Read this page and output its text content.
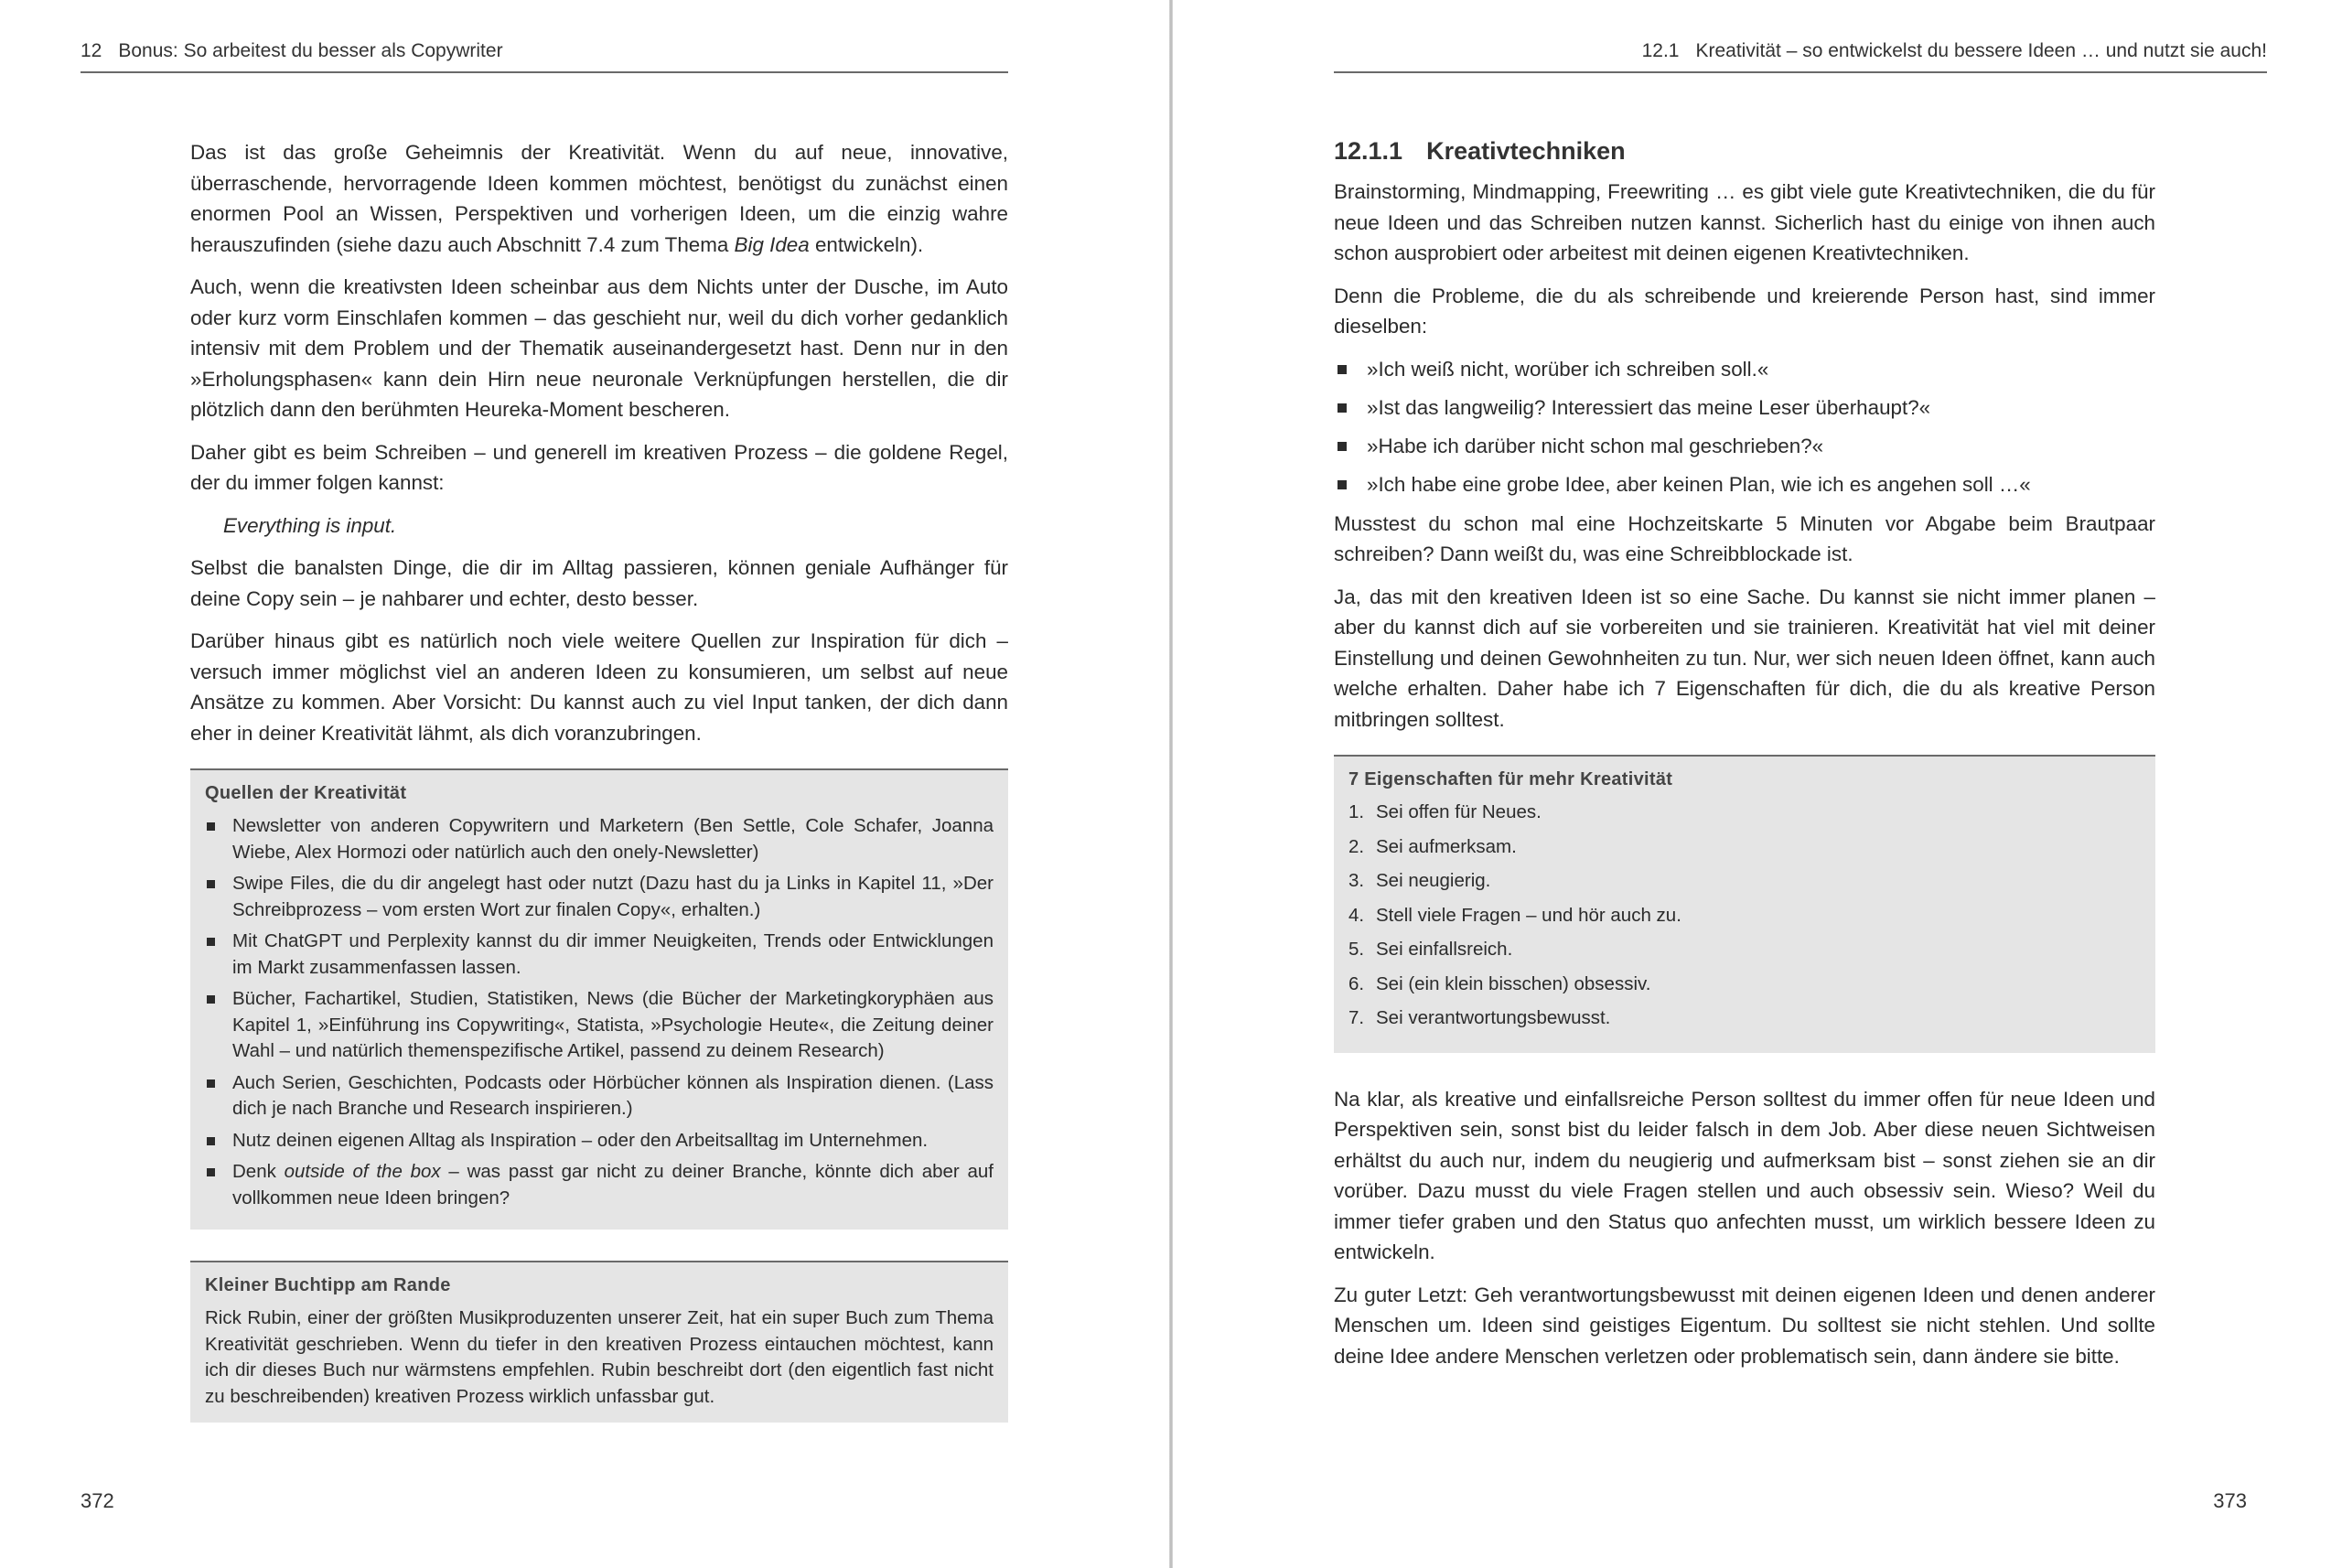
12 Bonus: So arbeitest du besser als Copywriter

Das ist das große Geheimnis der Kreativität. Wenn du auf neue, innovative, überraschende, hervorragende Ideen kommen möchtest, benötigst du zunächst einen enormen Pool an Wissen, Perspektiven und vorherigen Ideen, um die einzig wahre herauszufinden (siehe dazu auch Abschnitt 7.4 zum Thema Big Idea entwickeln).

Auch, wenn die kreativsten Ideen scheinbar aus dem Nichts unter der Dusche, im Auto oder kurz vorm Einschlafen kommen – das geschieht nur, weil du dich vorher gedanklich intensiv mit dem Problem und der Thematik auseinandergesetzt hast. Denn nur in den »Erholungsphasen« kann dein Hirn neue neuronale Verknüpfungen herstellen, die dir plötzlich dann den berühmten Heureka-Moment bescheren.

Daher gibt es beim Schreiben – und generell im kreativen Prozess – die goldene Regel, der du immer folgen kannst:

Everything is input.

Selbst die banalsten Dinge, die dir im Alltag passieren, können geniale Aufhänger für deine Copy sein – je nahbarer und echter, desto besser.

Darüber hinaus gibt es natürlich noch viele weitere Quellen zur Inspiration für dich – versuch immer möglichst viel an anderen Ideen zu konsumieren, um selbst auf neue Ansätze zu kommen. Aber Vorsicht: Du kannst auch zu viel Input tanken, der dich dann eher in deiner Kreativität lähmt, als dich voranzubringen.

Quellen der Kreativität
Newsletter von anderen Copywritern und Marketern (Ben Settle, Cole Schafer, Joanna Wiebe, Alex Hormozi oder natürlich auch den onely-Newsletter)
Swipe Files, die du dir angelegt hast oder nutzt (Dazu hast du ja Links in Kapitel 11, »Der Schreibprozess – vom ersten Wort zur finalen Copy«, erhalten.)
Mit ChatGPT und Perplexity kannst du dir immer Neuigkeiten, Trends oder Entwicklungen im Markt zusammenfassen lassen.
Bücher, Fachartikel, Studien, Statistiken, News (die Bücher der Marketingkoryphäen aus Kapitel 1, »Einführung ins Copywriting«, Statista, »Psychologie Heute«, die Zeitung deiner Wahl – und natürlich themenspezifische Artikel, passend zu deinem Research)
Auch Serien, Geschichten, Podcasts oder Hörbücher können als Inspiration dienen. (Lass dich je nach Branche und Research inspirieren.)
Nutz deinen eigenen Alltag als Inspiration – oder den Arbeitsalltag im Unternehmen.
Denk outside of the box – was passt gar nicht zu deiner Branche, könnte dich aber auf vollkommen neue Ideen bringen?
Kleiner Buchtipp am Rande

Rick Rubin, einer der größten Musikproduzenten unserer Zeit, hat ein super Buch zum Thema Kreativität geschrieben. Wenn du tiefer in den kreativen Prozess eintauchen möchtest, kann ich dir dieses Buch nur wärmstens empfehlen. Rubin beschreibt dort (den eigentlich fast nicht zu beschreibenden) kreativen Prozess wirklich unfassbar gut.

372
12.1 Kreativität – so entwickelst du bessere Ideen … und nutzt sie auch!
12.1.1 Kreativtechniken

Brainstorming, Mindmapping, Freewriting … es gibt viele gute Kreativtechniken, die du für neue Ideen und das Schreiben nutzen kannst. Sicherlich hast du einige von ihnen auch schon ausprobiert oder arbeitest mit deinen eigenen Kreativtechniken.

Denn die Probleme, die du als schreibende und kreierende Person hast, sind immer dieselben:

»Ich weiß nicht, worüber ich schreiben soll.«
»Ist das langweilig? Interessiert das meine Leser überhaupt?«
»Habe ich darüber nicht schon mal geschrieben?«
»Ich habe eine grobe Idee, aber keinen Plan, wie ich es angehen soll …«

Musstest du schon mal eine Hochzeitskarte 5 Minuten vor Abgabe beim Brautpaar schreiben? Dann weißt du, was eine Schreibblockade ist.

Ja, das mit den kreativen Ideen ist so eine Sache. Du kannst sie nicht immer planen – aber du kannst dich auf sie vorbereiten und sie trainieren. Kreativität hat viel mit deiner Einstellung und deinen Gewohnheiten zu tun. Nur, wer sich neuen Ideen öffnet, kann auch welche erhalten. Daher habe ich 7 Eigenschaften für dich, die du als kreative Person mitbringen solltest.

7 Eigenschaften für mehr Kreativität
1. Sei offen für Neues.
2. Sei aufmerksam.
3. Sei neugierig.
4. Stell viele Fragen – und hör auch zu.
5. Sei einfallsreich.
6. Sei (ein klein bisschen) obsessiv.
7. Sei verantwortungsbewusst.

Na klar, als kreative und einfallsreiche Person solltest du immer offen für neue Ideen und Perspektiven sein, sonst bist du leider falsch in dem Job. Aber diese neuen Sichtweisen erhältst du auch nur, indem du neugierig und aufmerksam bist – sonst ziehen sie an dir vorüber. Dazu musst du viele Fragen stellen und auch obsessiv sein. Wieso? Weil du immer tiefer graben und den Status quo anfechten musst, um wirklich bessere Ideen zu entwickeln.

Zu guter Letzt: Geh verantwortungsbewusst mit deinen eigenen Ideen und denen anderer Menschen um. Ideen sind geistiges Eigentum. Du solltest sie nicht stehlen. Und sollte deine Idee andere Menschen verletzen oder problematisch sein, dann ändere sie bitte.

373
